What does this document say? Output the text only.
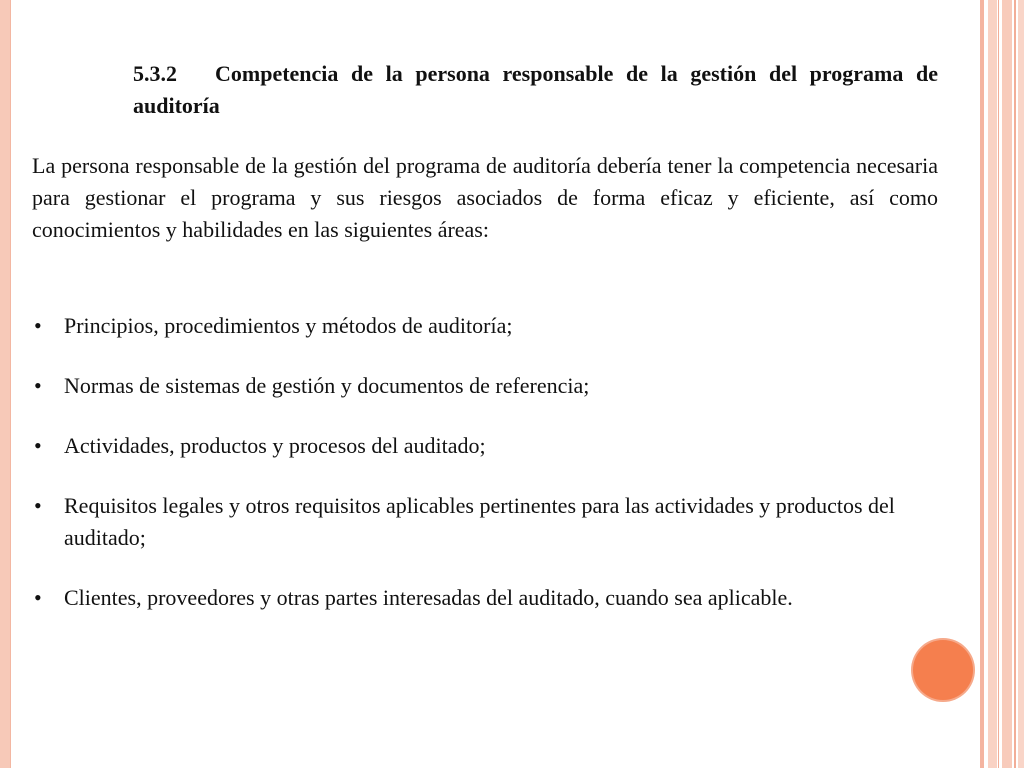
5.3.2 Competencia de la persona responsable de la gestión del programa de auditoría
La persona responsable de la gestión del programa de auditoría debería tener la competencia necesaria para gestionar el programa y sus riesgos asociados de forma eficaz y eficiente, así como conocimientos y habilidades en las siguientes áreas:
• Principios, procedimientos y métodos de auditoría;
• Normas de sistemas de gestión y documentos de referencia;
• Actividades, productos y procesos del auditado;
• Requisitos legales y otros requisitos aplicables pertinentes para las actividades y productos del auditado;
• Clientes, proveedores y otras partes interesadas del auditado, cuando sea aplicable.
